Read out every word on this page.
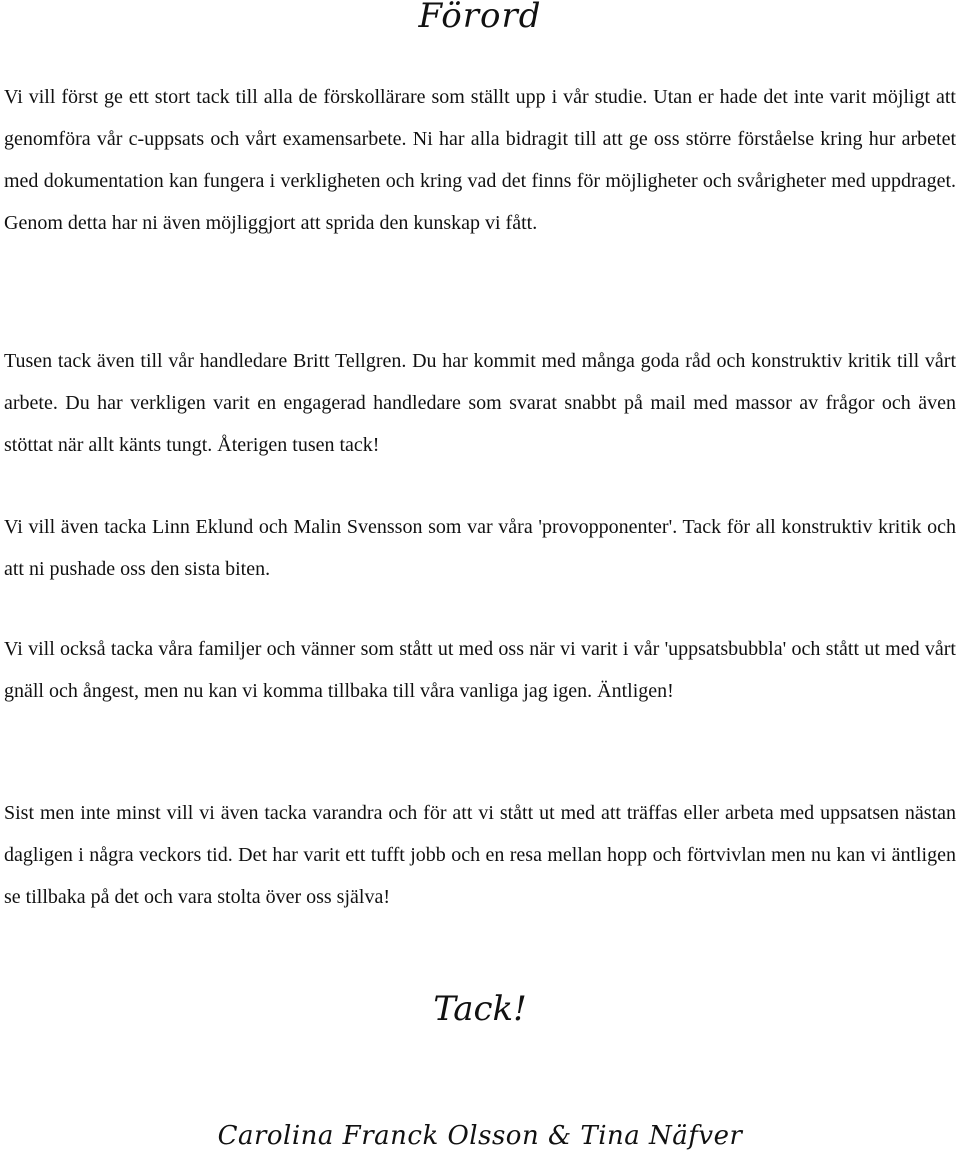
Förord

Vi vill först ge ett stort tack till alla de förskollärare som ställt upp i vår studie. Utan er hade det inte varit möjligt att genomföra vår c-uppsats och vårt examensarbete. Ni har alla bidragit till att ge oss större förståelse kring hur arbetet med dokumentation kan fungera i verkligheten och kring vad det finns för möjligheter och svårigheter med uppdraget. Genom detta har ni även möjliggjort att sprida den kunskap vi fått.

Tusen tack även till vår handledare Britt Tellgren. Du har kommit med många goda råd och konstruktiv kritik till vårt arbete. Du har verkligen varit en engagerad handledare som svarat snabbt på mail med massor av frågor och även stöttat när allt känts tungt. Återigen tusen tack!

Vi vill även tacka Linn Eklund och Malin Svensson som var våra 'provopponenter'. Tack för all konstruktiv kritik och att ni pushade oss den sista biten.

Vi vill också tacka våra familjer och vänner som stått ut med oss när vi varit i vår 'uppsatsbubbla' och stått ut med vårt gnäll och ångest, men nu kan vi komma tillbaka till våra vanliga jag igen. Äntligen!

Sist men inte minst vill vi även tacka varandra och för att vi stått ut med att träffas eller arbeta med uppsatsen nästan dagligen i några veckors tid. Det har varit ett tufft jobb och en resa mellan hopp och förtvivlan men nu kan vi äntligen se tillbaka på det och vara stolta över oss själva!

Tack!
Carolina Franck Olsson & Tina Näfver
